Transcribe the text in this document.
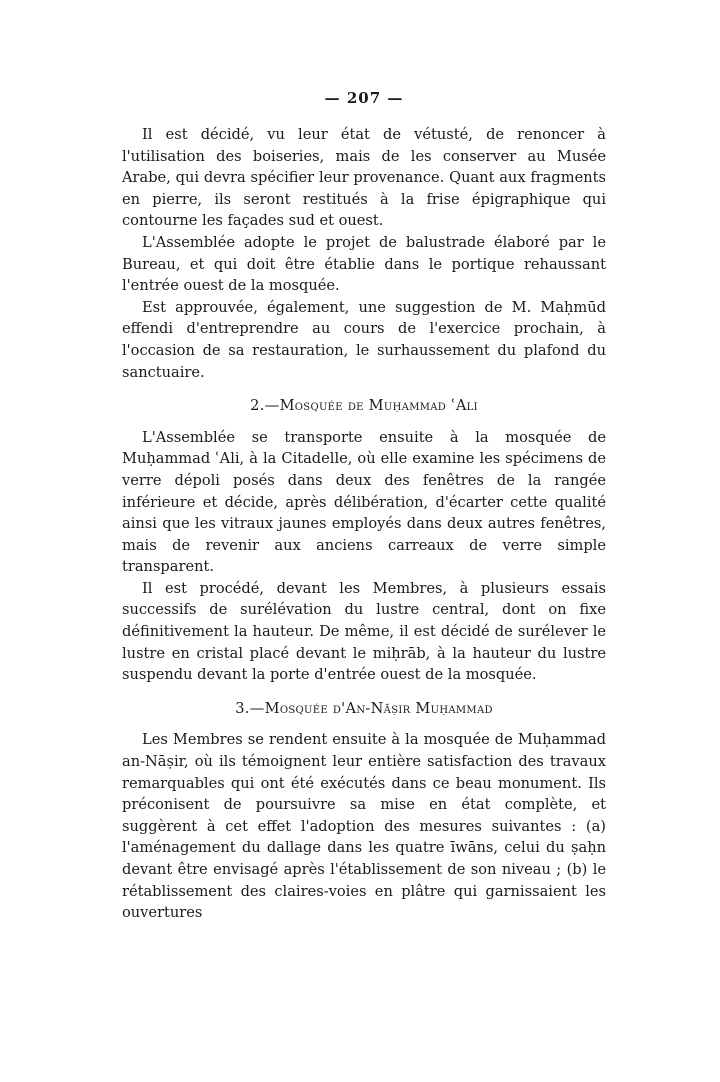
— 207 —

Il est décidé, vu leur état de vétusté, de renoncer à l'utilisation des boiseries, mais de les conserver au Musée Arabe, qui devra spécifier leur provenance. Quant aux fragments en pierre, ils seront restitués à la frise épigraphique qui contourne les façades sud et ouest.

L'Assemblée adopte le projet de balustrade élaboré par le Bureau, et qui doit être établie dans le portique rehaussant l'entrée ouest de la mosquée.

Est approuvée, également, une suggestion de M. Maḥmūd effendi d'entreprendre au cours de l'exercice prochain, à l'occasion de sa restauration, le surhaussement du plafond du sanctuaire.

2.—Mosquée de Muḥammad ʿAli

L'Assemblée se transporte ensuite à la mosquée de Muḥammad ʿAli, à la Citadelle, où elle examine les spécimens de verre dépoli posés dans deux des fenêtres de la rangée inférieure et décide, après délibération, d'écarter cette qualité ainsi que les vitraux jaunes employés dans deux autres fenêtres, mais de revenir aux anciens carreaux de verre simple transparent.

Il est procédé, devant les Membres, à plusieurs essais successifs de surélévation du lustre central, dont on fixe définitivement la hauteur. De même, il est décidé de surélever le lustre en cristal placé devant le miḥrāb, à la hauteur du lustre suspendu devant la porte d'entrée ouest de la mosquée.

3.—Mosquée d'An-Nāṣir Muḥammad

Les Membres se rendent ensuite à la mosquée de Muḥammad an-Nāṣir, où ils témoignent leur entière satisfaction des travaux remarquables qui ont été exécutés dans ce beau monument. Ils préconisent de poursuivre sa mise en état complète, et suggèrent à cet effet l'adoption des mesures suivantes : (a) l'aménagement du dallage dans les quatre īwāns, celui du ṣaḥn devant être envisagé après l'établissement de son niveau ; (b) le rétablissement des claires-voies en plâtre qui garnissaient les ouvertures
